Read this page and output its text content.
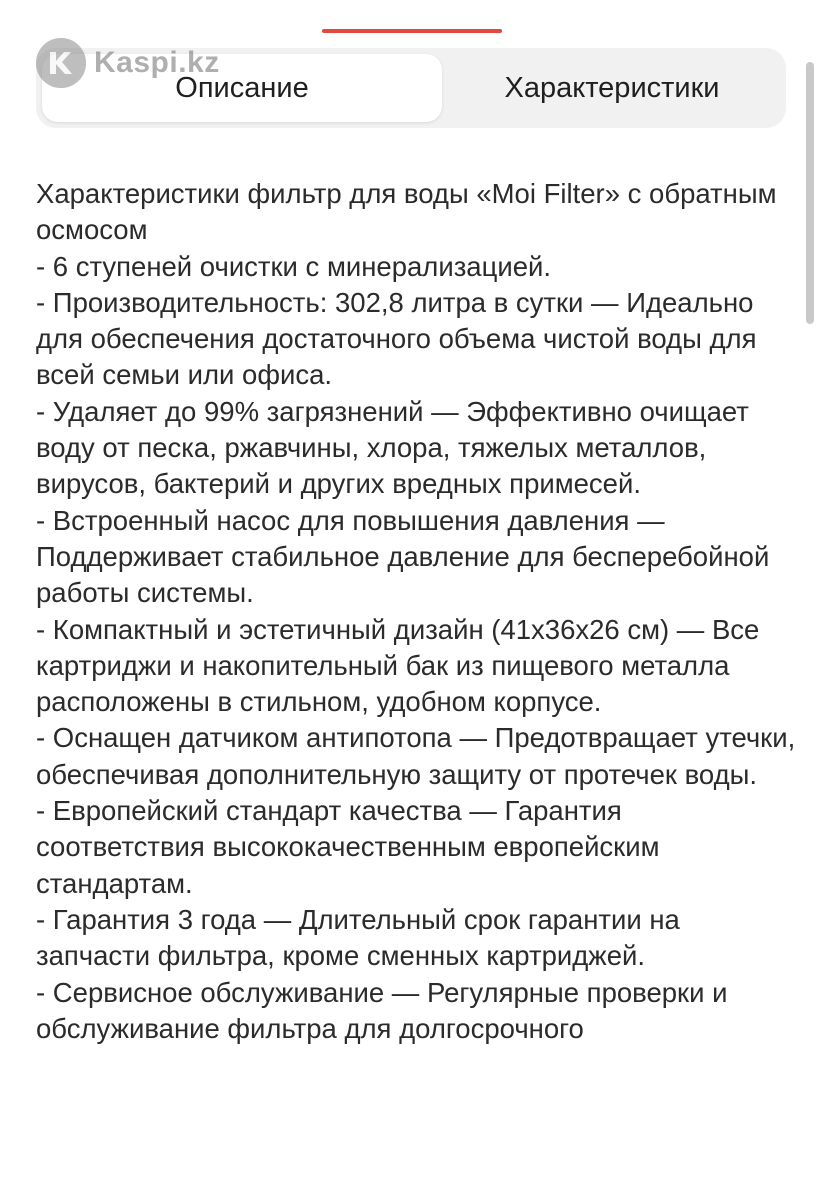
Описание	Характеристики
Kaspi.kz
Характеристики фильтр для воды «Moi Filter» с обратным осмосом
- 6 ступеней очистки с минерализацией.
- Производительность: 302,8 литра в сутки — Идеально для обеспечения достаточного объема чистой воды для всей семьи или офиса.
- Удаляет до 99% загрязнений — Эффективно очищает воду от песка, ржавчины, хлора, тяжелых металлов, вирусов, бактерий и других вредных примесей.
- Встроенный насос для повышения давления — Поддерживает стабильное давление для бесперебойной работы системы.
- Компактный и эстетичный дизайн (41х36х26 см) — Все картриджи и накопительный бак из пищевого металла расположены в стильном, удобном корпусе.
- Оснащен датчиком антипотопа — Предотвращает утечки, обеспечивая дополнительную защиту от протечек воды.
- Европейский стандарт качества — Гарантия соответствия высококачественным европейским стандартам.
- Гарантия 3 года — Длительный срок гарантии на запчасти фильтра, кроме сменных картриджей.
- Сервисное обслуживание — Регулярные проверки и обслуживание фильтра для долгосрочного
